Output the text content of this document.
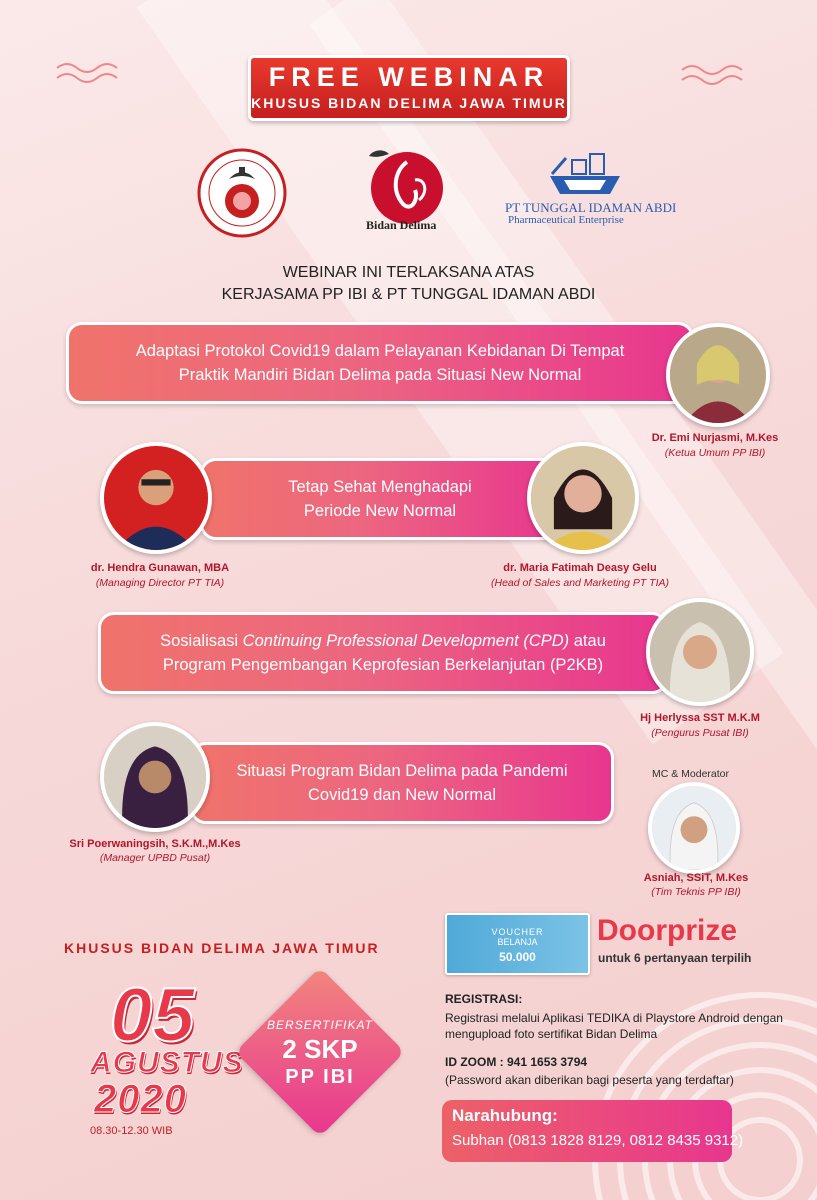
FREE WEBINAR
KHUSUS BIDAN DELIMA JAWA TIMUR
Bidan Delima
PT TUNGGAL IDAMAN ABDI
Pharmaceutical Enterprise
WEBINAR INI TERLAKSANA ATAS
KERJASAMA PP IBI & PT TUNGGAL IDAMAN ABDI
Adaptasi Protokol Covid19 dalam Pelayanan Kebidanan Di Tempat
Praktik Mandiri Bidan Delima pada Situasi New Normal
Dr. Emi Nurjasmi, M.Kes
(Ketua Umum PP IBI)
Tetap Sehat Menghadapi
Periode New Normal
dr. Hendra Gunawan, MBA
(Managing Director PT TIA)
dr. Maria Fatimah Deasy Gelu
(Head of Sales and Marketing PT TIA)
Sosialisasi Continuing Professional Development (CPD) atau
Program Pengembangan Keprofesian Berkelanjutan (P2KB)
Hj Herlyssa SST M.K.M
(Pengurus Pusat IBI)
Situasi Program Bidan Delima pada Pandemi
Covid19 dan New Normal
Sri Poerwaningsih, S.K.M.,M.Kes
(Manager UPBD Pusat)
MC & Moderator
Asniah, SSiT, M.Kes
(Tim Teknis PP IBI)
KHUSUS BIDAN DELIMA JAWA TIMUR
05
AGUSTUS
2020
08.30-12.30 WIB
BERSERTIFIKAT
2 SKP
PP IBI
VOUCHER
BELANJA
50.000
Doorprize
untuk 6 pertanyaan terpilih
REGISTRASI:
Registrasi melalui Aplikasi TEDIKA di Playstore Android dengan mengupload foto sertifikat Bidan Delima
ID ZOOM : 941 1653 3794
(Password akan diberikan bagi peserta yang terdaftar)
Narahubung:
Subhan (0813 1828 8129, 0812 8435 9312)
